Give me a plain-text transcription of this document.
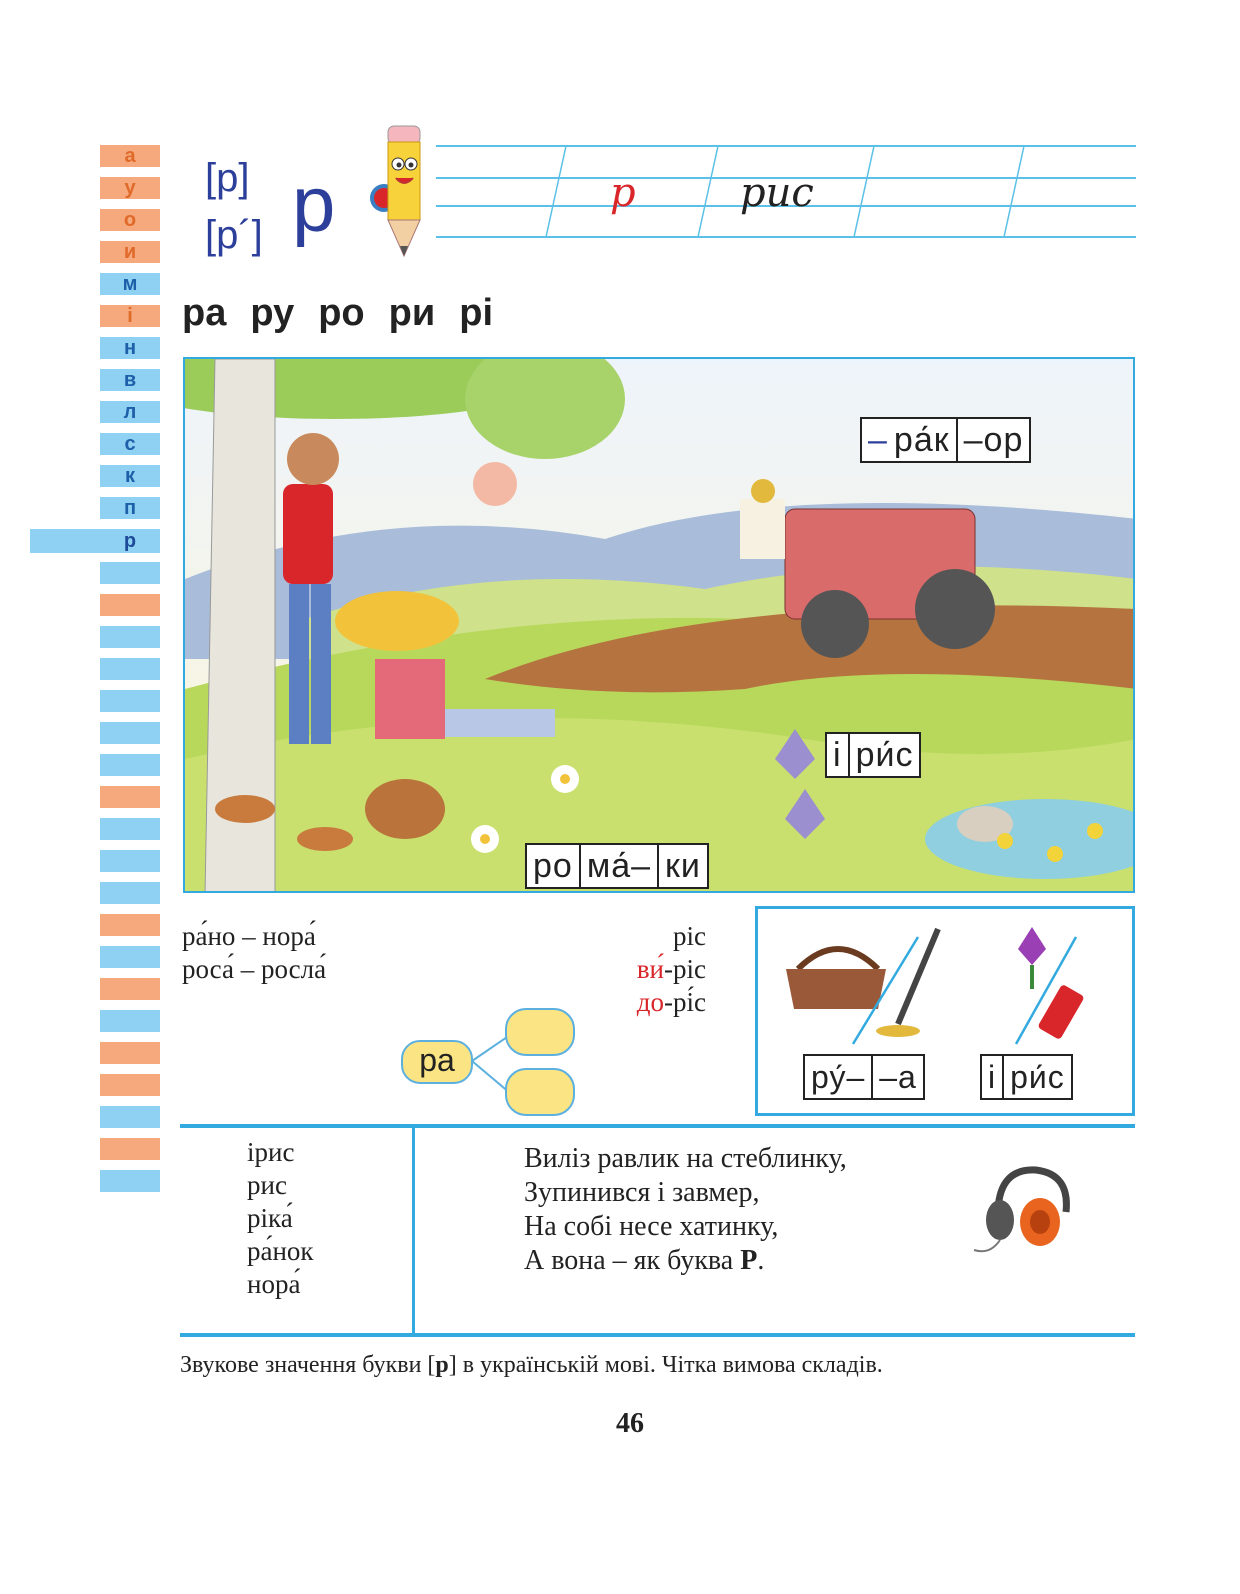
а
у
о
и
м
і
н
в
л
с
к
п
р
[р]
[р´] р	р	рис
ра ру ро ри рі
– ра́к –ор
і ри́с
ро ма́– ки
ра́но – нора́
роса́ – росла́
ріс
ви́-ріс
до-рі́с
ра	ру́– –а і ри́с
ірис
рис
ріка́
ра́нок
нора́
Виліз равлик на стеблинку,
Зупинився і завмер,
На собі несе хатинку,
А вона – як буква Р.
Звукове значення букви [р] в українській мові. Чітка вимова складів.
46
